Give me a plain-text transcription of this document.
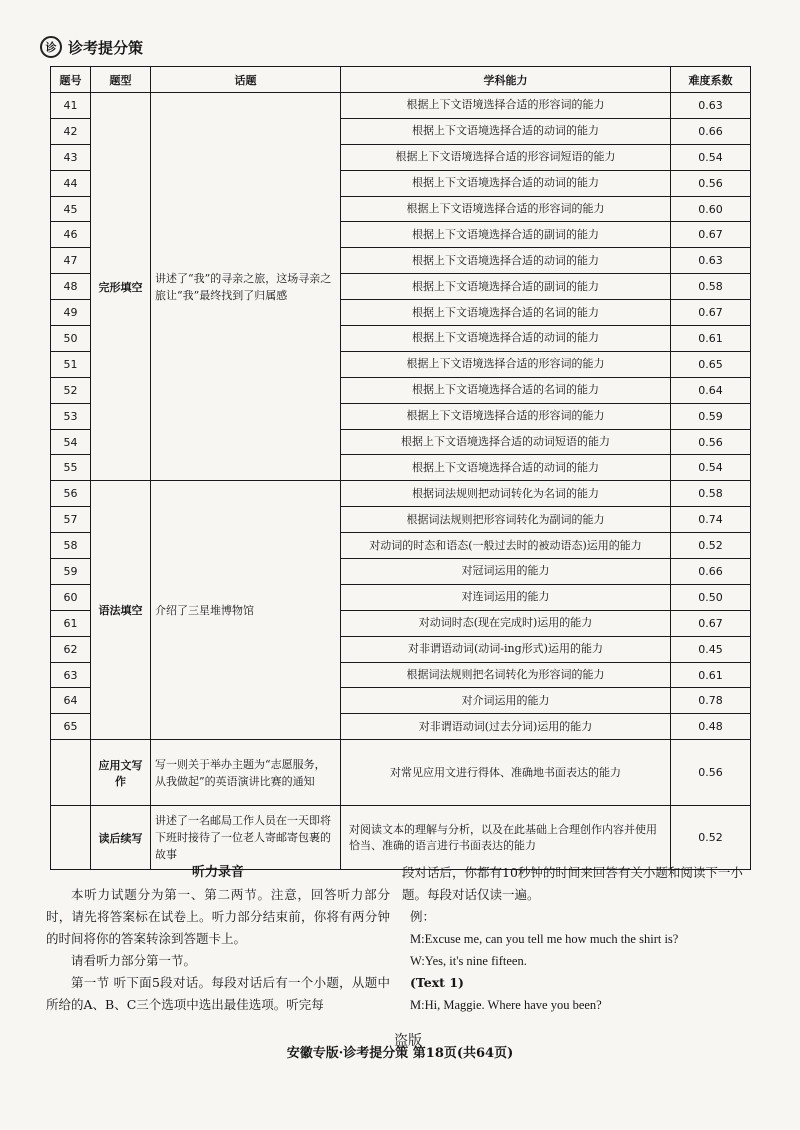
诊 诊考提分策
题号	题型	话题	学科能力	难度系数
41	完形填空	讲述了“我”的寻亲之旅，这场寻亲之旅让“我”最终找到了归属感	根据上下文语境选择合适的形容词的能力	0.63
42			根据上下文语境选择合适的动词的能力	0.66
43			根据上下文语境选择合适的形容词短语的能力	0.54
44			根据上下文语境选择合适的动词的能力	0.56
45			根据上下文语境选择合适的形容词的能力	0.60
46			根据上下文语境选择合适的副词的能力	0.67
47			根据上下文语境选择合适的动词的能力	0.63
48			根据上下文语境选择合适的副词的能力	0.58
49			根据上下文语境选择合适的名词的能力	0.67
50			根据上下文语境选择合适的动词的能力	0.61
51			根据上下文语境选择合适的形容词的能力	0.65
52			根据上下文语境选择合适的名词的能力	0.64
53			根据上下文语境选择合适的形容词的能力	0.59
54			根据上下文语境选择合适的动词短语的能力	0.56
55			根据上下文语境选择合适的动词的能力	0.54
56	语法填空	介绍了三星堆博物馆	根据词法规则把动词转化为名词的能力	0.58
57			根据词法规则把形容词转化为副词的能力	0.74
58			对动词的时态和语态(一般过去时的被动语态)运用的能力	0.52
59			对冠词运用的能力	0.66
60			对连词运用的能力	0.50
61			对动词时态(现在完成时)运用的能力	0.67
62			对非谓语动词(动词-ing形式)运用的能力	0.45
63			根据词法规则把名词转化为形容词的能力	0.61
64			对介词运用的能力	0.78
65			对非谓语动词(过去分词)运用的能力	0.48
	应用文写作	写一则关于举办主题为“志愿服务，从我做起”的英语演讲比赛的通知	对常见应用文进行得体、准确地书面表达的能力	0.56
	读后续写	讲述了一名邮局工作人员在一天即将下班时接待了一位老人寄邮寄包裹的故事	对阅读文本的理解与分析，以及在此基础上合理创作内容并使用恰当、准确的语言进行书面表达的能力	0.52
听力录音

本听力试题分为第一、第二两节。注意，回答听力部分时，请先将答案标在试卷上。听力部分结束前，你将有两分钟的时间将你的答案转涂到答题卡上。

请看听力部分第一节。

第一节 听下面5段对话。每段对话后有一个小题，从题中所给的A、B、C三个选项中选出最佳选项。听完每

段对话后，你都有10秒钟的时间来回答有关小题和阅读下一小题。每段对话仅读一遍。

例：

M:Excuse me, can you tell me how much the shirt is?

W:Yes, it's nine fifteen.

(Text 1)

M:Hi, Maggie. Where have you been?

盗版
安徽专版·诊考提分策 第18页(共64页)
